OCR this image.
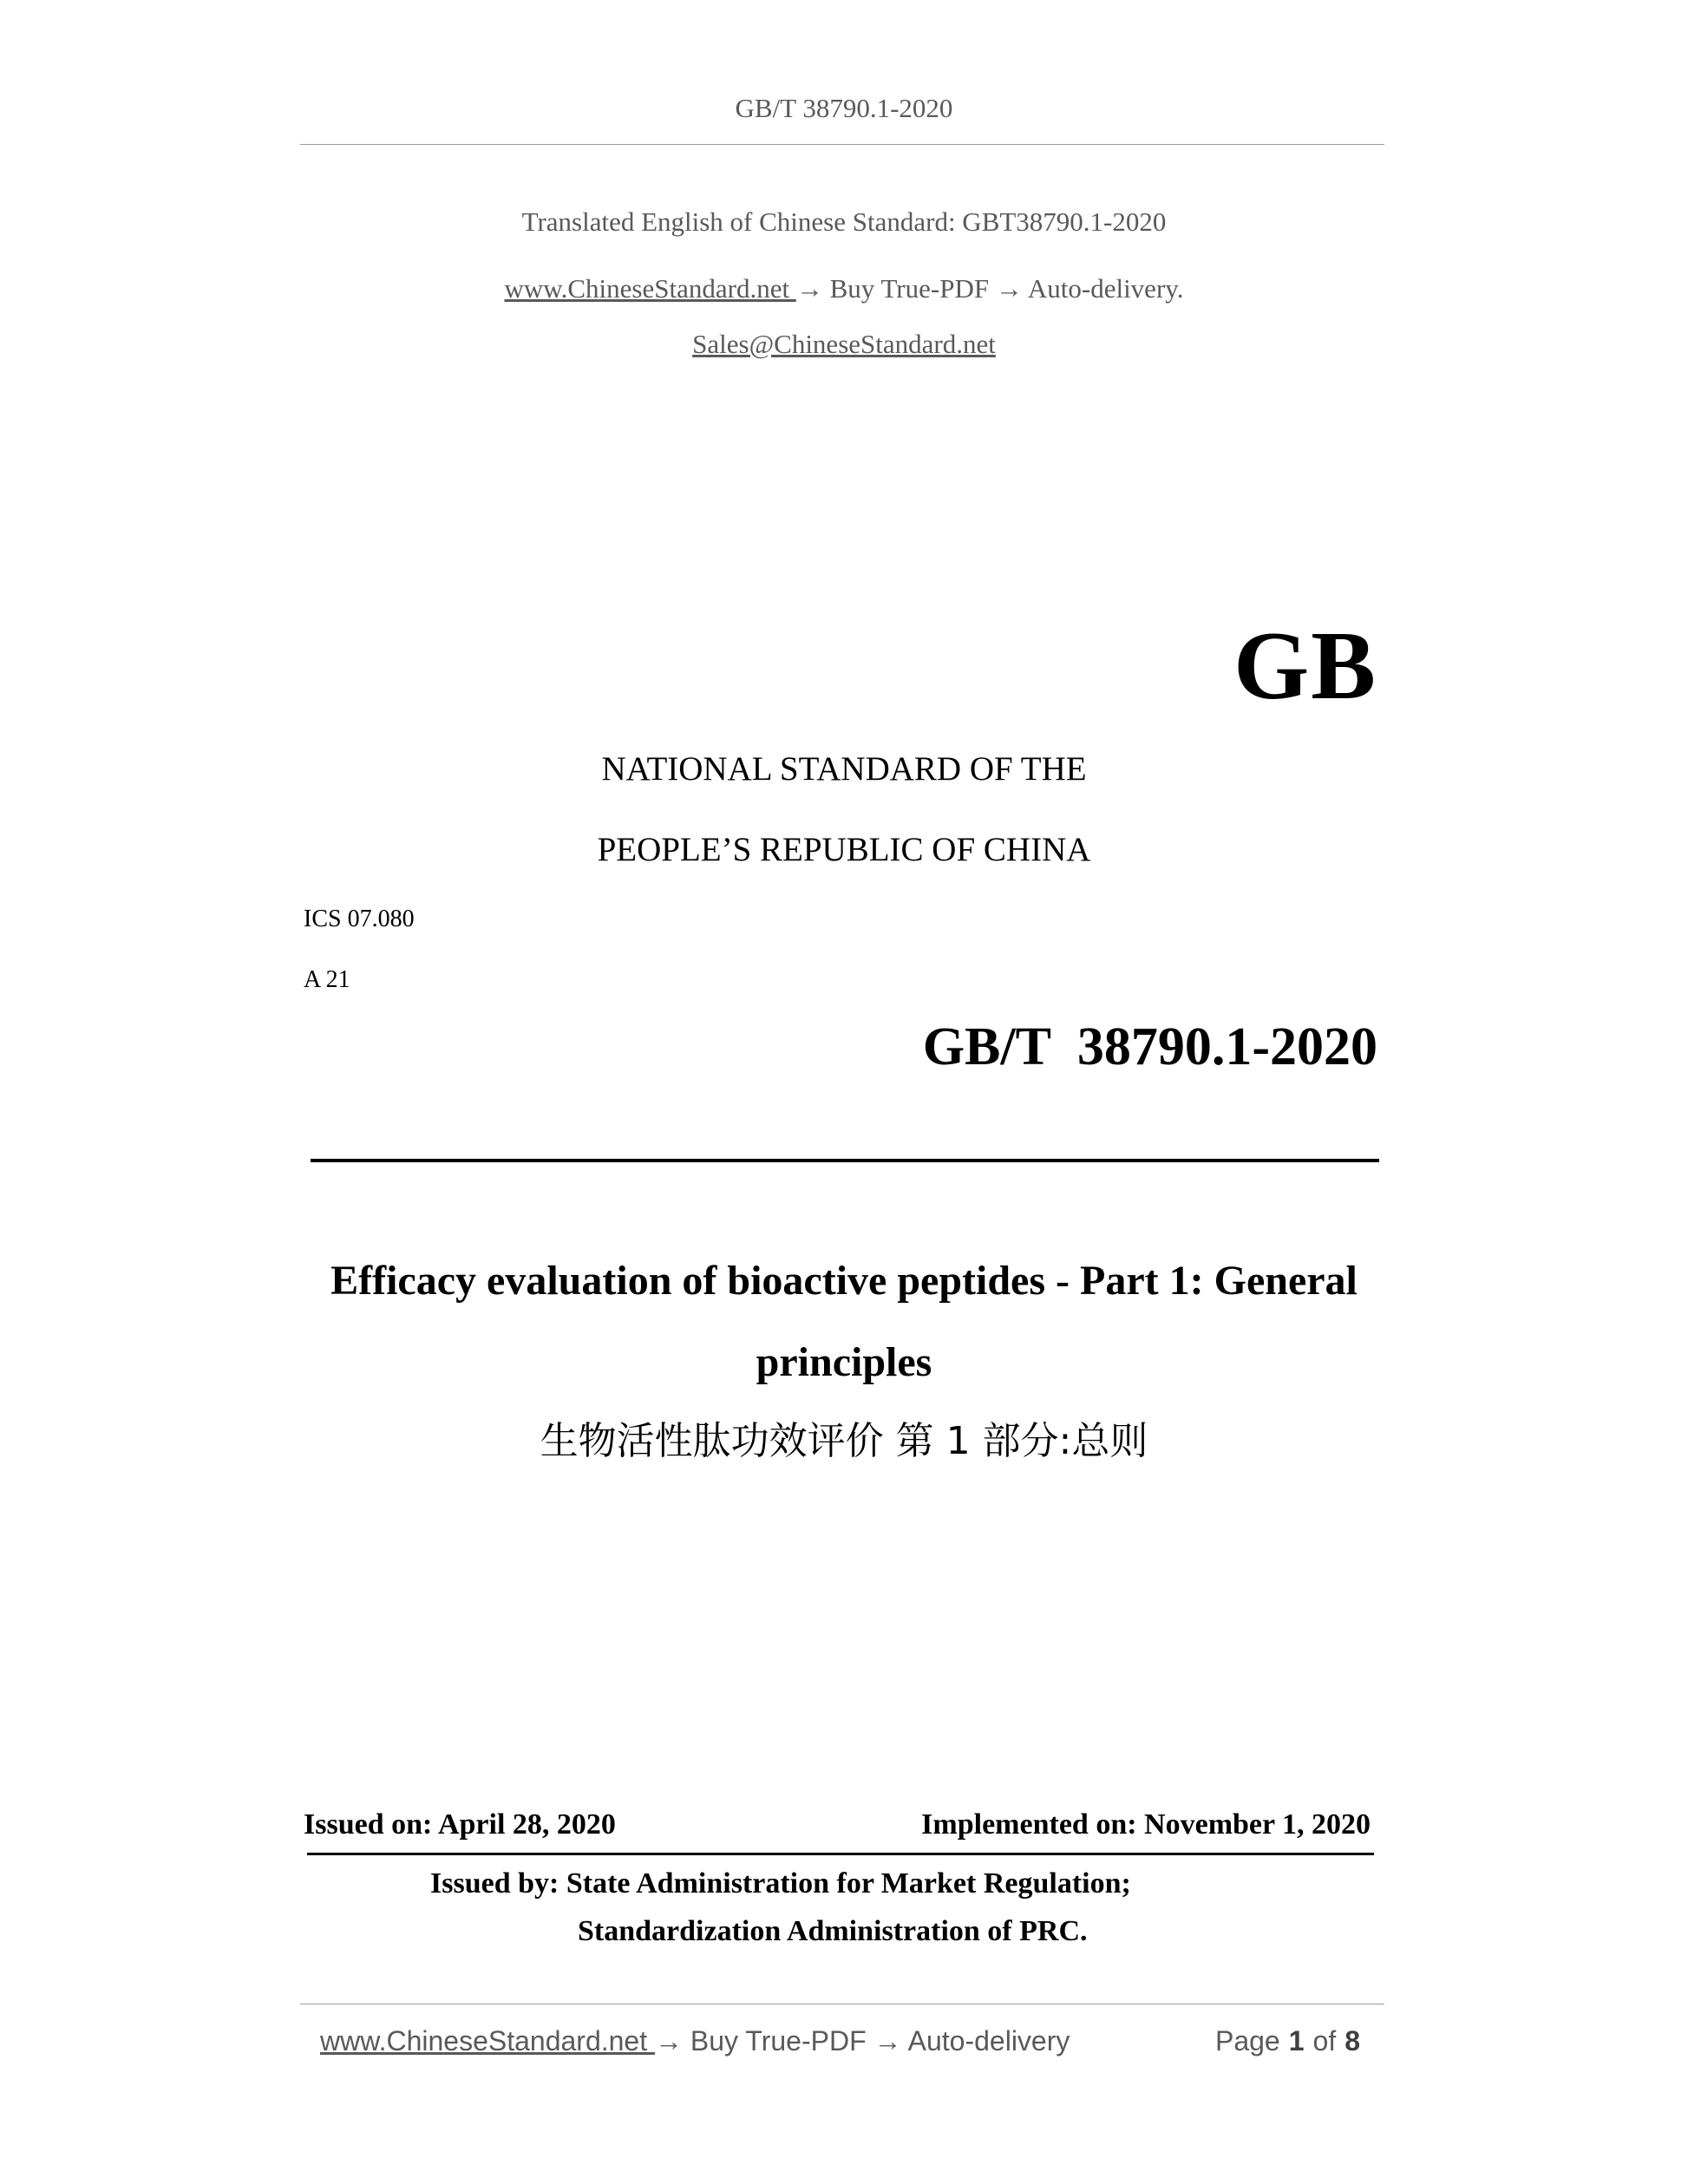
GB/T 38790.1-2020
Translated English of Chinese Standard: GBT38790.1-2020
www.ChineseStandard.net → Buy True-PDF → Auto-delivery.
Sales@ChineseStandard.net
GB
NATIONAL STANDARD OF THE
PEOPLE’S REPUBLIC OF CHINA
ICS 07.080
A 21
GB/T  38790.1-2020
Efficacy evaluation of bioactive peptides - Part 1: General
principles
生物活性肽功效评价 第 1 部分:总则
Issued on: April 28, 2020	Implemented on: November 1, 2020
Issued by: State Administration for Market Regulation;
Standardization Administration of PRC.
www.ChineseStandard.net → Buy True-PDF → Auto-delivery	Page 1 of 8
